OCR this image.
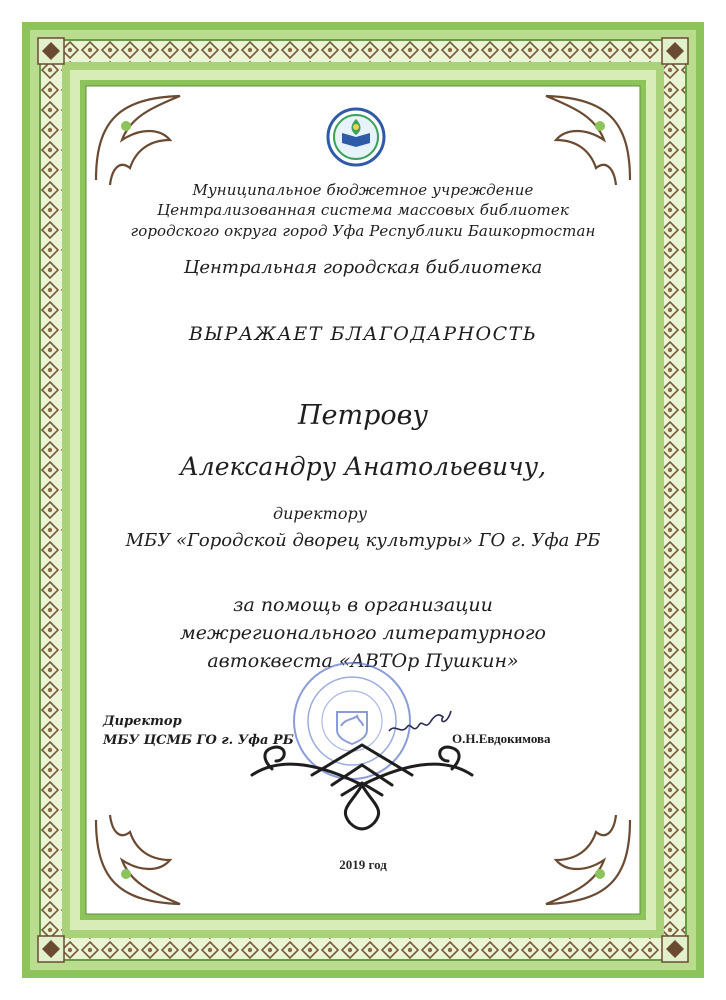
Муниципальное бюджетное учреждение
Централизованная система массовых библиотек
городского округа город Уфа Республики Башкортостан
Центральная городская библиотека
ВЫРАЖАЕТ БЛАГОДАРНОСТЬ
Петрову
Александру Анатольевичу,
директору
МБУ «Городской дворец культуры» ГО г. Уфа РБ
за помощь в организации
межрегионального литературного
автоквеста «АВТОр Пушкин»
Директор
МБУ ЦСМБ ГО г. Уфа РБ	О.Н.Евдокимова
2019 год
